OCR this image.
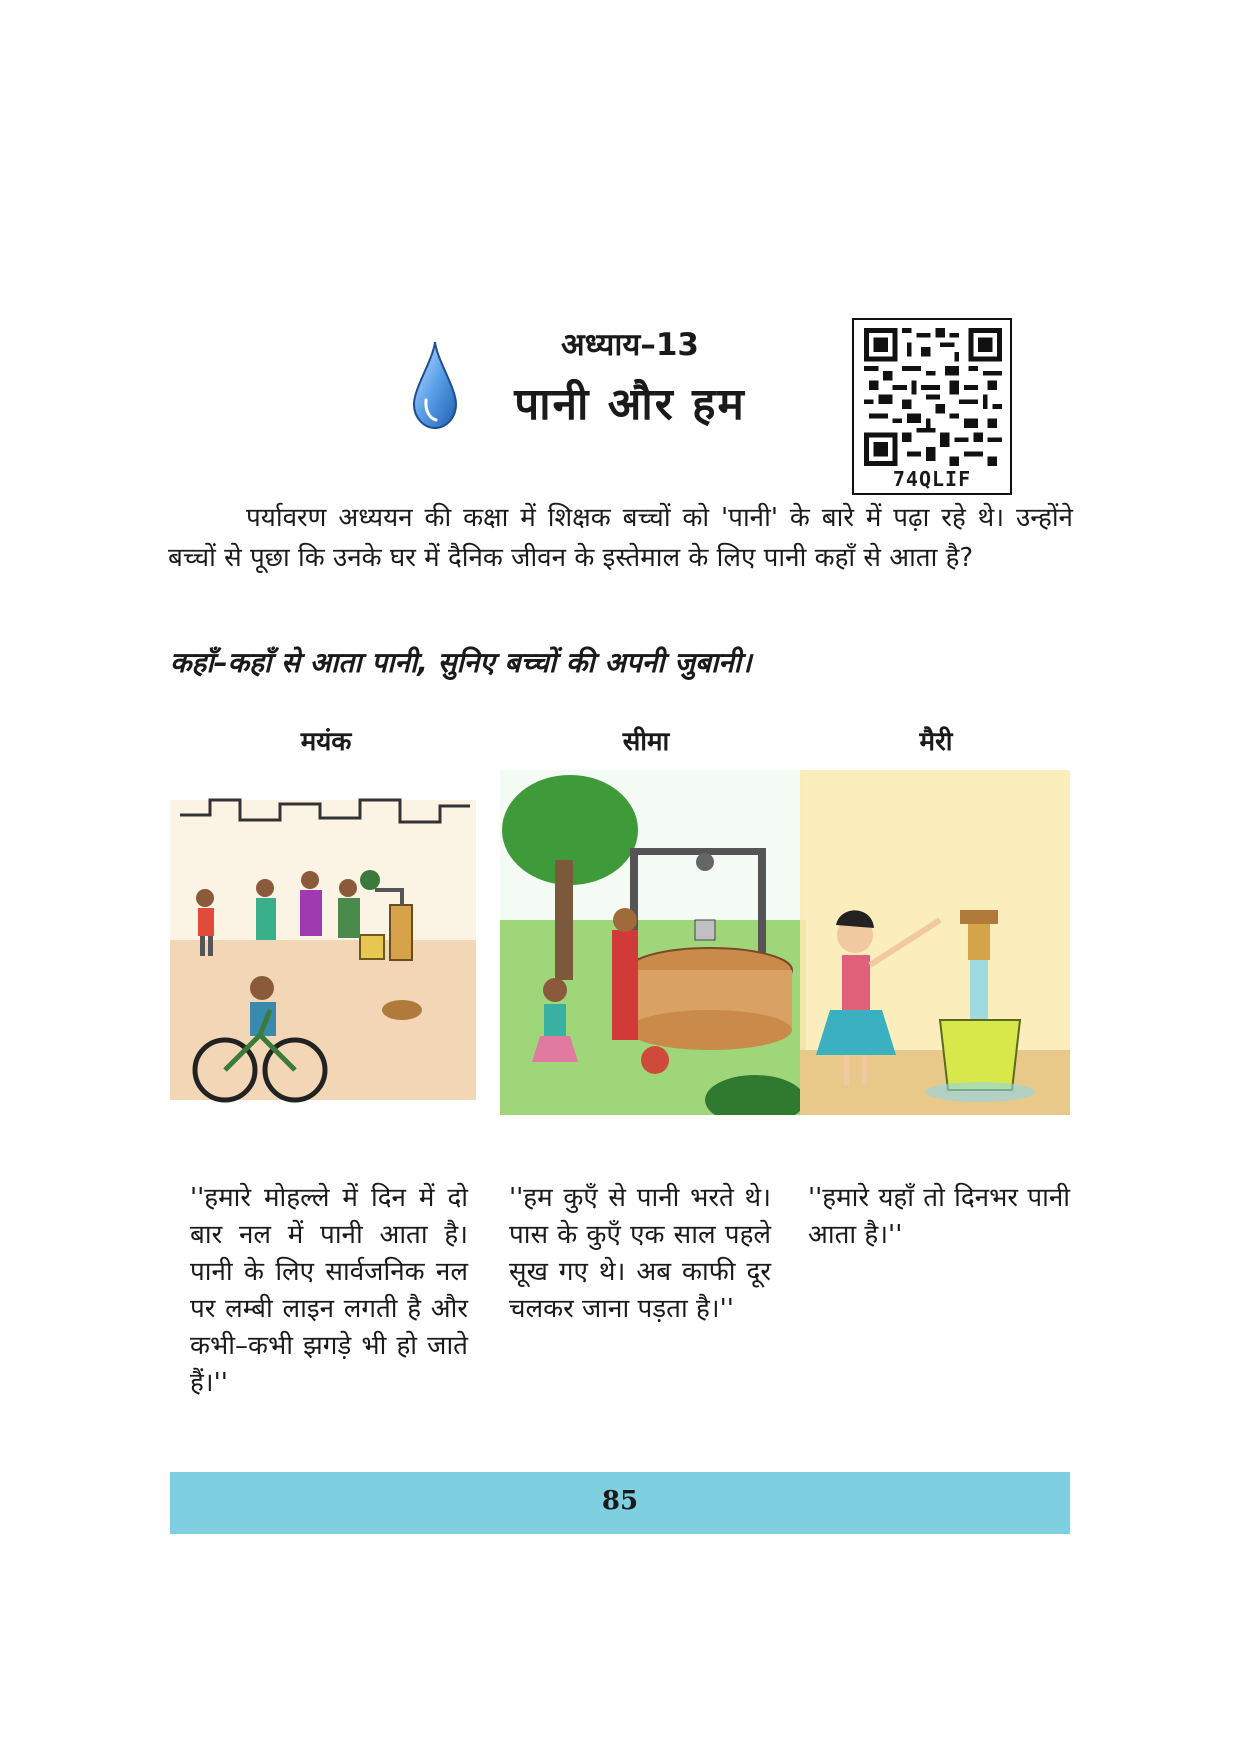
अध्याय–13
पानी और हम
74QLIF
पर्यावरण अध्ययन की कक्षा में शिक्षक बच्चों को 'पानी' के बारे में पढ़ा रहे थे। उन्होंने बच्चों से पूछा कि उनके घर में दैनिक जीवन के इस्तेमाल के लिए पानी कहाँ से आता है?
कहाँ–कहाँ से आता पानी, सुनिए बच्चों की अपनी जुबानी।
मयंक	सीमा	मैरी
''हमारे मोहल्ले में दिन में दो बार नल में पानी आता है। पानी के लिए सार्वजनिक नल पर लम्बी लाइन लगती है और कभी–कभी झगड़े भी हो जाते हैं।''
''हम कुएँ से पानी भरते थे। पास के कुएँ एक साल पहले सूख गए थे। अब काफी दूर चलकर जाना पड़ता है।''
''हमारे यहाँ तो दिनभर पानी आता है।''
85
